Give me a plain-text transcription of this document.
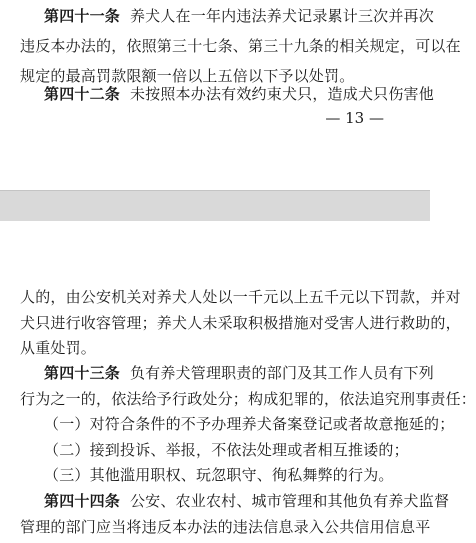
第四十一条 养犬人在一年内违法养犬记录累计三次并再次
违反本办法的，依照第三十七条、第三十九条的相关规定，可以在
规定的最高罚款限额一倍以上五倍以下予以处罚。
第四十二条 未按照本办法有效约束犬只，造成犬只伤害他
— 13 —
人的，由公安机关对养犬人处以一千元以上五千元以下罚款，并对
犬只进行收容管理；养犬人未采取积极措施对受害人进行救助的，
从重处罚。
第四十三条 负有养犬管理职责的部门及其工作人员有下列
行为之一的，依法给予行政处分；构成犯罪的，依法追究刑事责任：
（一）对符合条件的不予办理养犬备案登记或者故意拖延的；
（二）接到投诉、举报，不依法处理或者相互推诿的；
（三）其他滥用职权、玩忽职守、徇私舞弊的行为。
第四十四条 公安、农业农村、城市管理和其他负有养犬监督
管理的部门应当将违反本办法的违法信息录入公共信用信息平
